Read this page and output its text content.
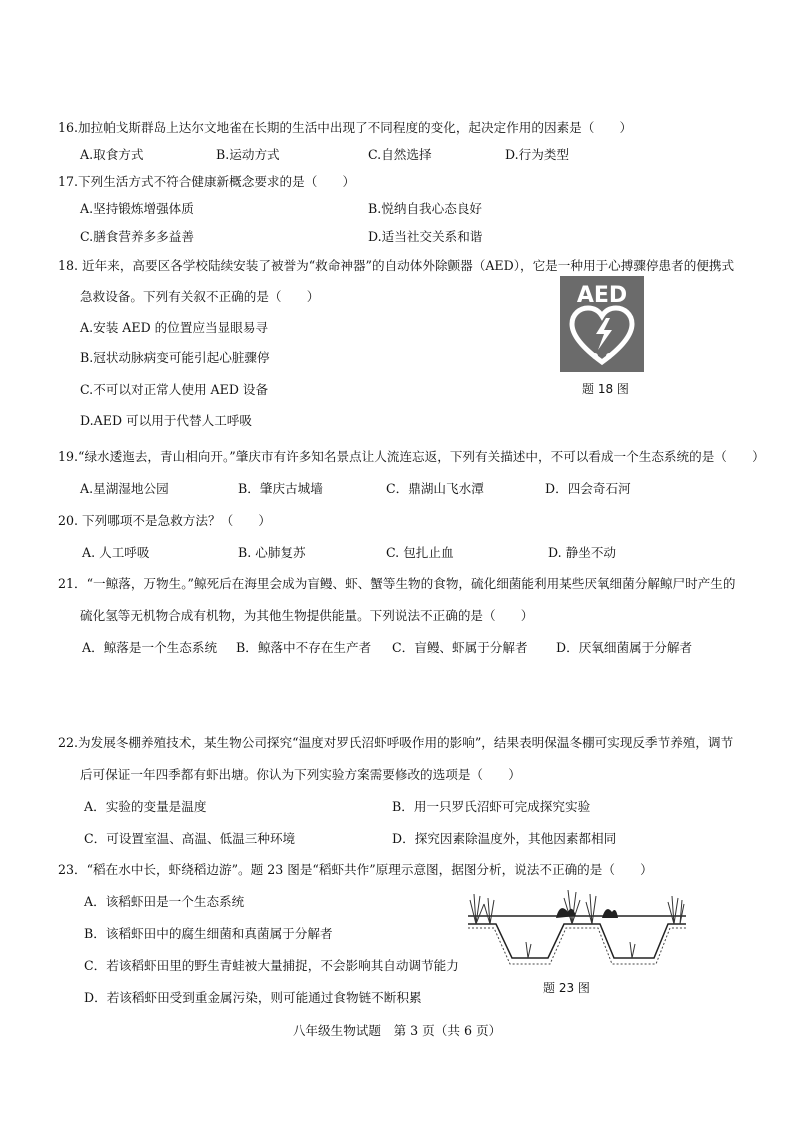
16.加拉帕戈斯群岛上达尔文地雀在长期的生活中出现了不同程度的变化，起决定作用的因素是（　　）
A.取食方式	B.运动方式	C.自然选择	D.行为类型
17.下列生活方式不符合健康新概念要求的是（　　）
A.坚持锻炼增强体质	B.悦纳自我心态良好
C.膳食营养多多益善	D.适当社交关系和谐
18. 近年来，高要区各学校陆续安装了被誉为“救命神器”的自动体外除颤器（AED），它是一种用于心搏骤停患者的便携式
急救设备。下列有关叙不正确的是（　　）
A.安装 AED 的位置应当显眼易寻
B.冠状动脉病变可能引起心脏骤停
C.不可以对正常人使用 AED 设备
D.AED 可以用于代替人工呼吸
AED
题 18 图
19.“绿水逶迤去，青山相向开。”肇庆市有许多知名景点让人流连忘返，下列有关描述中，不可以看成一个生态系统的是（　　）
A.星湖湿地公园	B．肇庆古城墙	C．鼎湖山飞水潭	D．四会奇石河
20. 下列哪项不是急救方法？（　　）
A. 人工呼吸	B. 心肺复苏	C. 包扎止血	D. 静坐不动
21．“一鲸落，万物生。”鲸死后在海里会成为盲鳗、虾、蟹等生物的食物，硫化细菌能利用某些厌氧细菌分解鲸尸时产生的
硫化氢等无机物合成有机物，为其他生物提供能量。下列说法不正确的是（　　）
A．鲸落是一个生态系统 B．鲸落中不存在生产者 C．盲鳗、虾属于分解者 D．厌氧细菌属于分解者
22.为发展冬棚养殖技术，某生物公司探究“温度对罗氏沼虾呼吸作用的影响”，结果表明保温冬棚可实现反季节养殖，调节
后可保证一年四季都有虾出塘。你认为下列实验方案需要修改的选项是（　　）
A．实验的变量是温度	B．用一只罗氏沼虾可完成探究实验
C．可设置室温、高温、低温三种环境	D．探究因素除温度外，其他因素都相同
23．“稻在水中长，虾绕稻边游”。题 23 图是“稻虾共作”原理示意图，据图分析，说法不正确的是（　　）
A．该稻虾田是一个生态系统
B．该稻虾田中的腐生细菌和真菌属于分解者
C．若该稻虾田里的野生青蛙被大量捕捉，不会影响其自动调节能力
D．若该稻虾田受到重金属污染，则可能通过食物链不断积累
题 23 图
八年级生物试题　第 3 页（共 6 页）
